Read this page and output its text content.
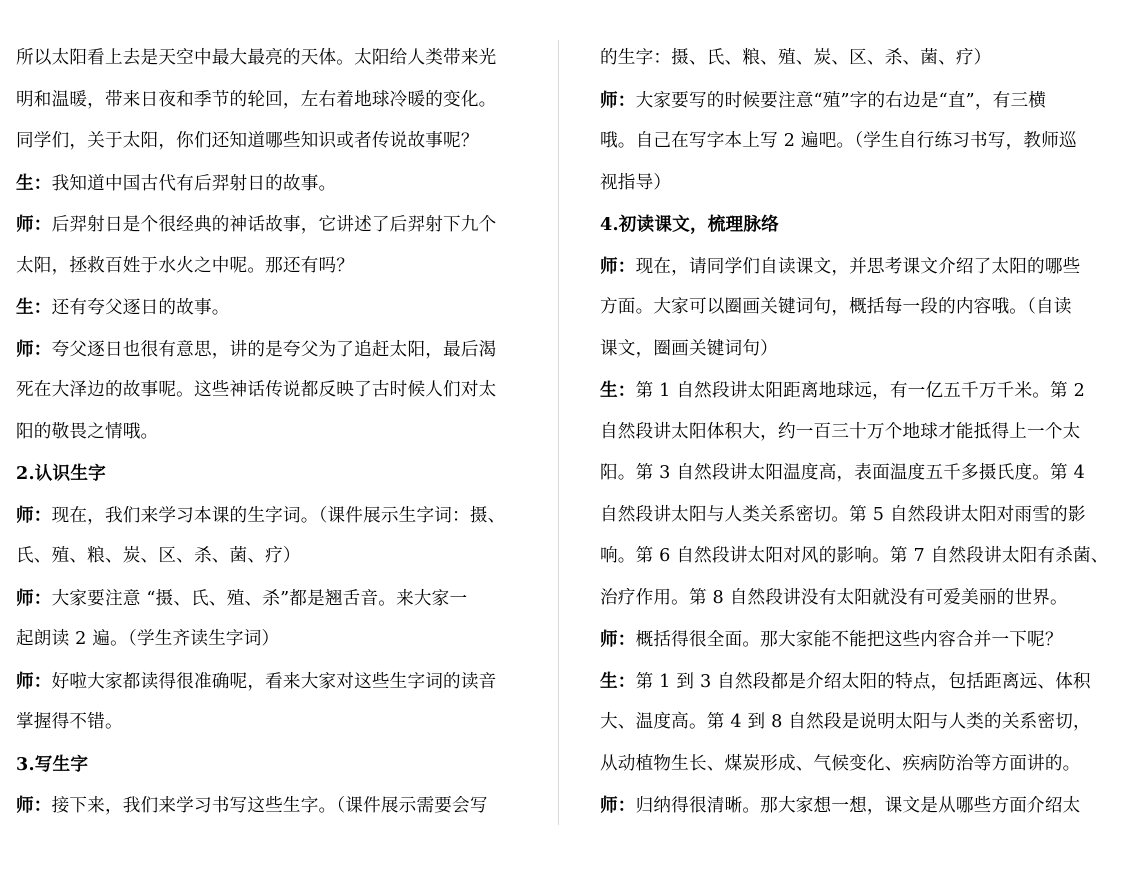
所以太阳看上去是天空中最大最亮的天体。太阳给人类带来光
明和温暖，带来日夜和季节的轮回，左右着地球冷暖的变化。
同学们，关于太阳，你们还知道哪些知识或者传说故事呢？
生：我知道中国古代有后羿射日的故事。
师：后羿射日是个很经典的神话故事，它讲述了后羿射下九个
太阳，拯救百姓于水火之中呢。那还有吗？
生：还有夸父逐日的故事。
师：夸父逐日也很有意思，讲的是夸父为了追赶太阳，最后渴
死在大泽边的故事呢。这些神话传说都反映了古时候人们对太
阳的敬畏之情哦。
2.认识生字
师：现在，我们来学习本课的生字词。（课件展示生字词：摄、
氏、殖、粮、炭、区、杀、菌、疗）
师：大家要注意 “摄、氏、殖、杀”都是翘舌音。来大家一
起朗读 2 遍。（学生齐读生字词）
师：好啦大家都读得很准确呢，看来大家对这些生字词的读音
掌握得不错。
3.写生字
师：接下来，我们来学习书写这些生字。（课件展示需要会写
的生字：摄、氏、粮、殖、炭、区、杀、菌、疗）
师：大家要写的时候要注意“殖”字的右边是“直”，有三横
哦。自己在写字本上写 2 遍吧。（学生自行练习书写，教师巡
视指导）
4.初读课文，梳理脉络
师：现在，请同学们自读课文，并思考课文介绍了太阳的哪些
方面。大家可以圈画关键词句，概括每一段的内容哦。（自读
课文，圈画关键词句）
生：第 1 自然段讲太阳距离地球远，有一亿五千万千米。第 2
自然段讲太阳体积大，约一百三十万个地球才能抵得上一个太
阳。第 3 自然段讲太阳温度高，表面温度五千多摄氏度。第 4
自然段讲太阳与人类关系密切。第 5 自然段讲太阳对雨雪的影
响。第 6 自然段讲太阳对风的影响。第 7 自然段讲太阳有杀菌、
治疗作用。第 8 自然段讲没有太阳就没有可爱美丽的世界。
师：概括得很全面。那大家能不能把这些内容合并一下呢？
生：第 1 到 3 自然段都是介绍太阳的特点，包括距离远、体积
大、温度高。第 4 到 8 自然段是说明太阳与人类的关系密切，
从动植物生长、煤炭形成、气候变化、疾病防治等方面讲的。
师：归纳得很清晰。那大家想一想，课文是从哪些方面介绍太
